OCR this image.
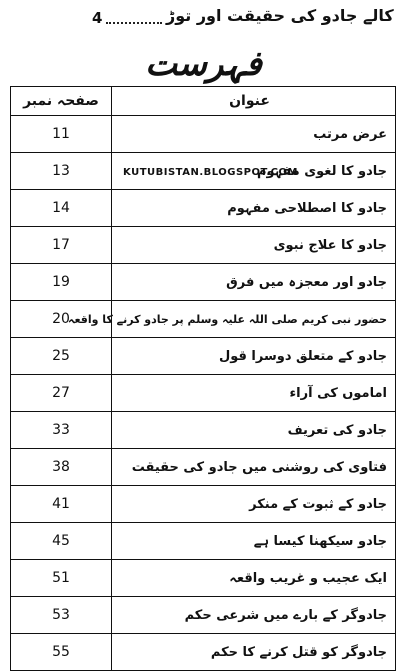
4	کالے جادو کی حقیقت اور توڑ
فہرست
صفحہ نمبر	عنوان
11	عرض مرتب
13	جادو کا لغوی مفہوم
14	جادو کا اصطلاحی مفہوم
17	جادو کا علاج نبوی
19	جادو اور معجزہ میں فرق
20	حضور نبی کریم صلی اللہ علیہ وسلم پر جادو کرنے کا واقعہ
25	جادو کے متعلق دوسرا قول
27	اماموں کی آراء
33	جادو کی تعریف
38	فتاوی کی روشنی میں جادو کی حقیقت
41	جادو کے ثبوت کے منکر
45	جادو سیکھنا کیسا ہے
51	ایک عجیب و غریب واقعہ
53	جادوگر کے بارے میں شرعی حکم
55	جادوگر کو قتل کرنے کا حکم
KUTUBISTAN.BLOGSPOT.COM
